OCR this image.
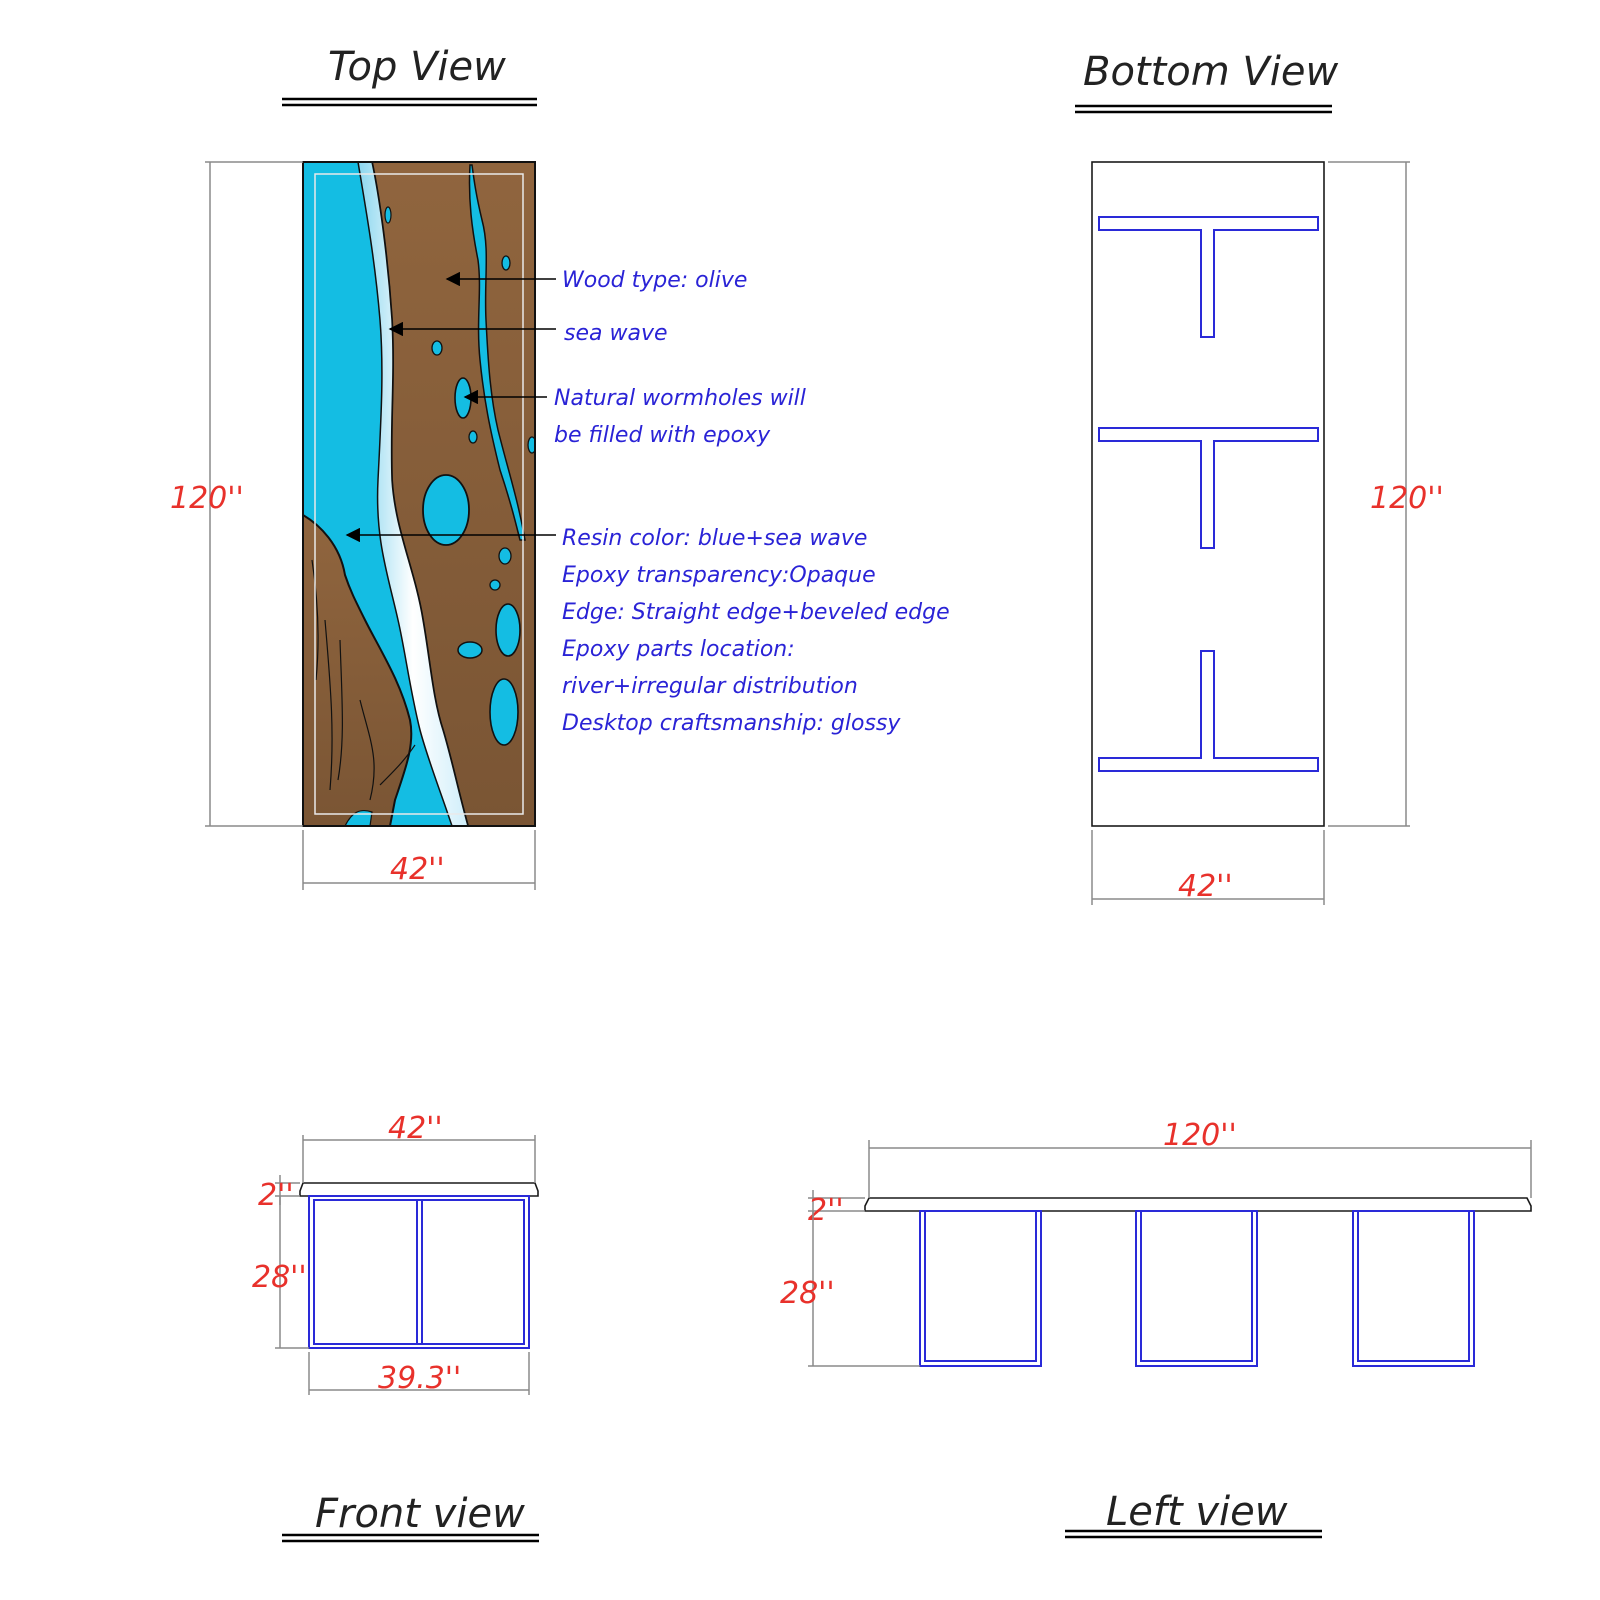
Top View
Wood type: olive
sea wave
Natural wormholes will
be filled with epoxy
Resin color: blue+sea wave
Epoxy transparency:Opaque
Edge: Straight edge+beveled edge
Epoxy parts location:
river+irregular distribution
Desktop craftsmanship: glossy
120''
42''
Bottom View
120''
42''
42''
2''
28''
39.3''
Front view
120''
2''
28''
Left view
